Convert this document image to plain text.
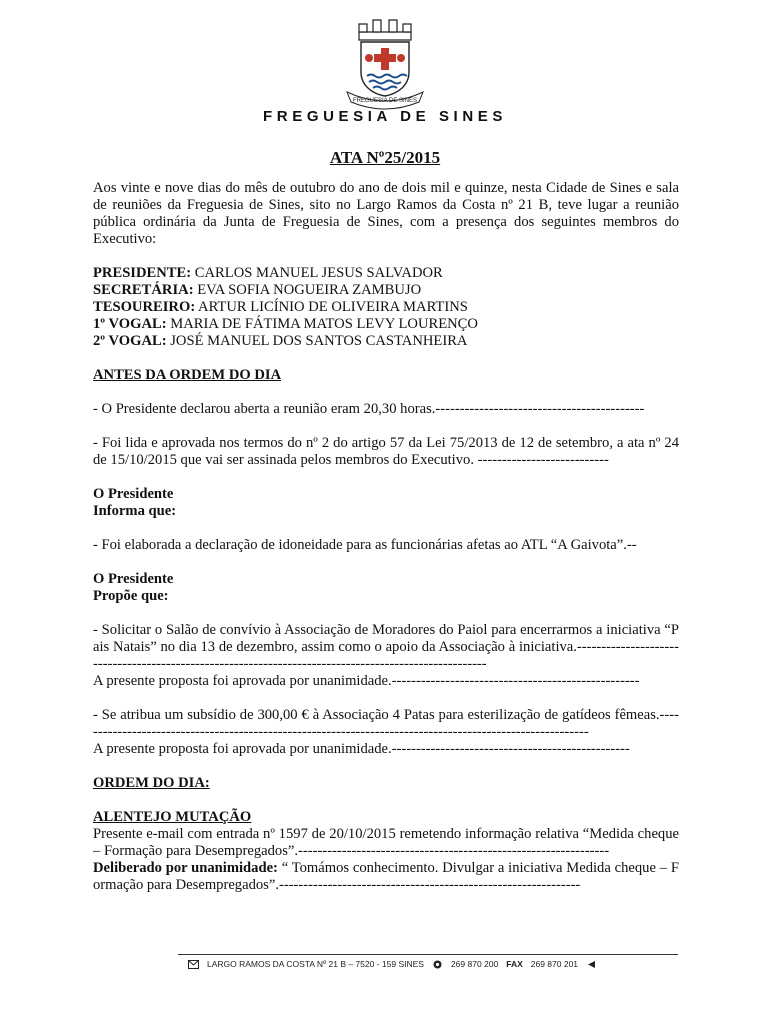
FREGUESIA DE SINES
FREGUESIA DE SINES
ATA Nº25/2015

Aos vinte e nove dias do mês de outubro do ano de dois mil e quinze, nesta Cidade de Sines e sala de reuniões da Freguesia de Sines, sito no Largo Ramos da Costa nº 21 B, teve lugar a reunião pública ordinária da Junta de Freguesia de Sines, com a presença dos seguintes membros do Executivo:

PRESIDENTE: CARLOS MANUEL JESUS SALVADOR

SECRETÁRIA: EVA SOFIA NOGUEIRA ZAMBUJO

TESOUREIRO: ARTUR LICÍNIO DE OLIVEIRA MARTINS

1º VOGAL: MARIA DE FÁTIMA MATOS LEVY LOURENÇO

2º VOGAL: JOSÉ MANUEL DOS SANTOS CASTANHEIRA

ANTES DA ORDEM DO DIA

- O Presidente declarou aberta a reunião eram 20,30 horas.-------------------------------------------

- Foi lida e aprovada nos termos do nº 2 do artigo 57 da Lei 75/2013 de 12 de setembro, a ata nº 24 de 15/10/2015 que vai ser assinada pelos membros do Executivo. ---------------------------

O Presidente

Informa que:

- Foi elaborada a declaração de idoneidade para as funcionárias afetas ao ATL “A Gaivota”.--

O Presidente

Propõe que:

- Solicitar o Salão de convívio à Associação de Moradores do Paiol para encerrarmos a iniciativa “Pais Natais” no dia 13 de dezembro, assim como o apoio da Associação à iniciativa.------------------------------------------------------------------------------------------------------

A presente proposta foi aprovada por unanimidade.---------------------------------------------------

- Se atribua um subsídio de 300,00 € à Associação 4 Patas para esterilização de gatídeos fêmeas.----------------------------------------------------------------------------------------------------------

A presente proposta foi aprovada por unanimidade.-------------------------------------------------

ORDEM DO DIA:

ALENTEJO MUTAÇÃO

Presente e-mail com entrada nº 1597 de 20/10/2015 remetendo informação relativa “Medida cheque – Formação para Desempregados”.----------------------------------------------------------------

Deliberado por unanimidade: “ Tomámos conhecimento. Divulgar a iniciativa Medida cheque – Formação para Desempregados”.--------------------------------------------------------------

LARGO RAMOS DA COSTA Nº 21 B – 7520 - 159 SINES	269 870 200 FAX 269 870 201
